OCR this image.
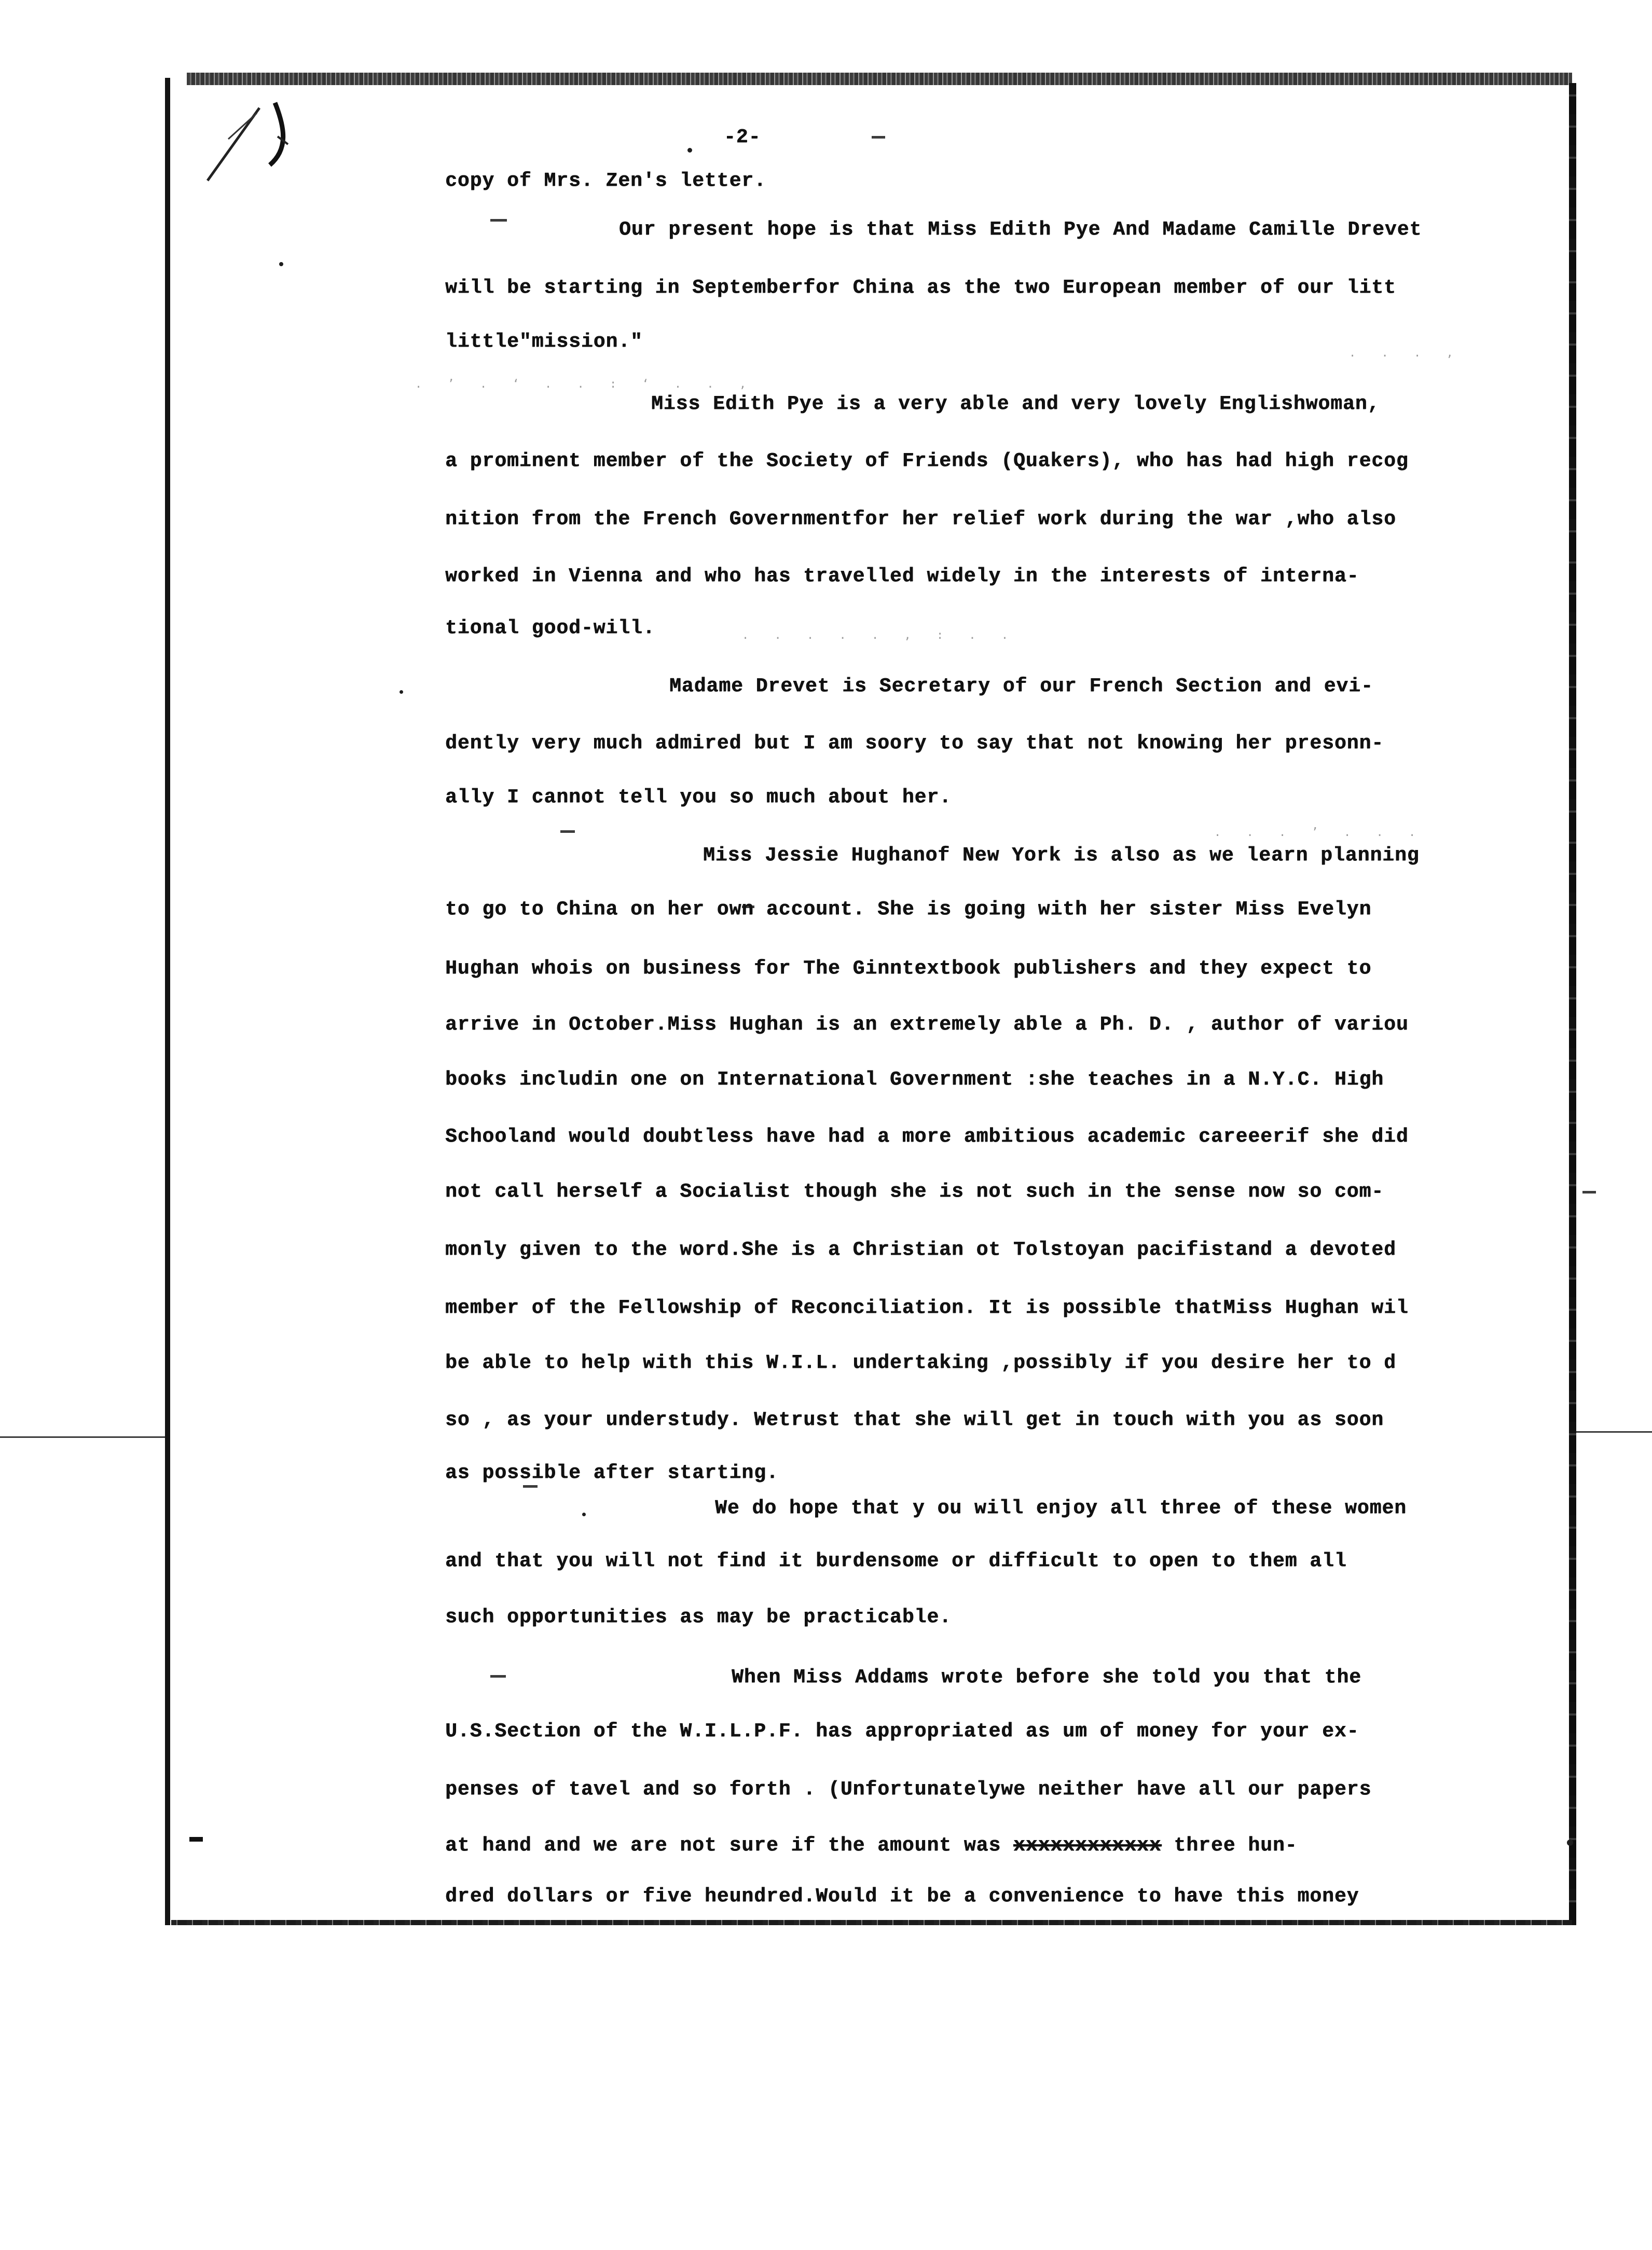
. ’ . ‘ . . : ‘ . . ,
. . . . . , : . .
. . . ’ . . .
. . . ,
-2-
copy of Mrs. Zen's letter.
Our present hope is that Miss Edith Pye And Madame Camille Drevet
will be starting in Septemberfor China as the two European member of our litt
little"mission."
Miss Edith Pye is a very able and very lovely Englishwoman,
a prominent member of the Society of Friends (Quakers), who has had high recog
nition from the French Governmentfor her relief work during the war ,who also
worked in Vienna and who has travelled widely in the interests of interna-
tional good-will.
Madame Drevet is Secretary of our French Section and evi-
dently very much admired but I am soory to say that not knowing her presonn-
ally I cannot tell you so much about her.
Miss Jessie Hughanof New York is also as we learn planning
to go to China on her own account. She is going with her sister Miss Evelyn
Hughan whois on business for The Ginntextbook publishers and they expect to
arrive in October.Miss Hughan is an extremely able a Ph. D. , author of variou
books includin one on International Government :she teaches in a N.Y.C. High
Schooland would doubtless have had a more ambitious academic careeerif she did
not call herself a Socialist though she is not such in the sense now so com-
monly given to the word.She is a Christian ot Tolstoyan pacifistand a devoted
member of the Fellowship of Reconciliation. It is possible thatMiss Hughan wil
be able to help with this W.I.L. undertaking ,possibly if you desire her to d
so , as your understudy. Wetrust that she will get in touch with you as soon
as possible after starting.
We do hope that y ou will enjoy all three of these women
and that you will not find it burdensome or difficult to open to them all
such opportunities as may be practicable.
When Miss Addams wrote before she told you that the
U.S.Section of the W.I.L.P.F. has appropriated as um of money for your ex-
penses of tavel and so forth . (Unfortunatelywe neither have all our papers
at hand and we are not sure if the amount was xxxxxxxxxxxx three hun-
dred dollars or five heundred.Would it be a convenience to have this money
